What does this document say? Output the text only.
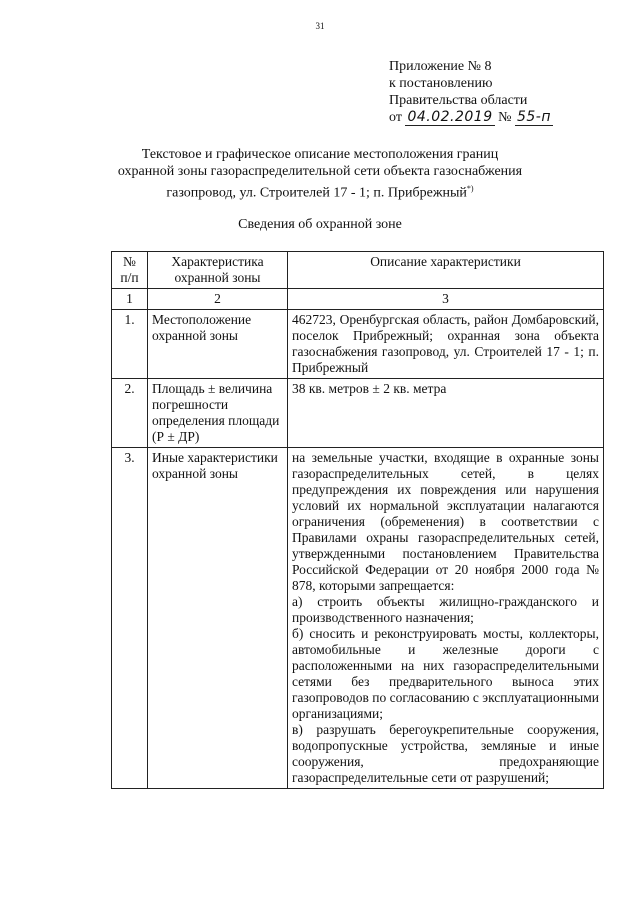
31
Приложение № 8
к постановлению
Правительства области
от 04.02.2019 № 55-п
Текстовое и графическое описание местоположения границ
охранной зоны газораспределительной сети объекта газоснабжения
газопровод, ул. Строителей 17 - 1; п. Прибрежный*)
Сведения об охранной зоне
№ п/п	Характеристика охранной зоны	Описание характеристики
1	2	3
1.	Местоположение охранной зоны	462723, Оренбургская область, район Домбаровский, поселок Прибрежный; охранная зона объекта газоснабжения газопровод, ул. Строителей 17 - 1; п. Прибрежный

2.	Площадь ± величина погрешности определения площади (Р ± ДР)	38 кв. метров ± 2 кв. метра

3.	Иные характеристики охранной зоны	на земельные участки, входящие в охранные зоны газораспределительных сетей, в целях предупреждения их повреждения или нарушения условий их нормальной эксплуатации налагаются ограничения (обременения) в соответствии с Правилами охраны газораспределительных сетей, утвержденными постановлением Правительства Российской Федерации от 20 ноября 2000 года № 878, которыми запрещается:
а) строить объекты жилищно-гражданского и производственного назначения;
б) сносить и реконструировать мосты, коллекторы, автомобильные и железные дороги с расположенными на них газораспределительными сетями без предварительного выноса этих газопроводов по согласованию с эксплуатационными организациями;
в) разрушать берегоукрепительные сооружения, водопропускные устройства, земляные и иные сооружения, предохраняющие газораспределительные сети от разрушений;
